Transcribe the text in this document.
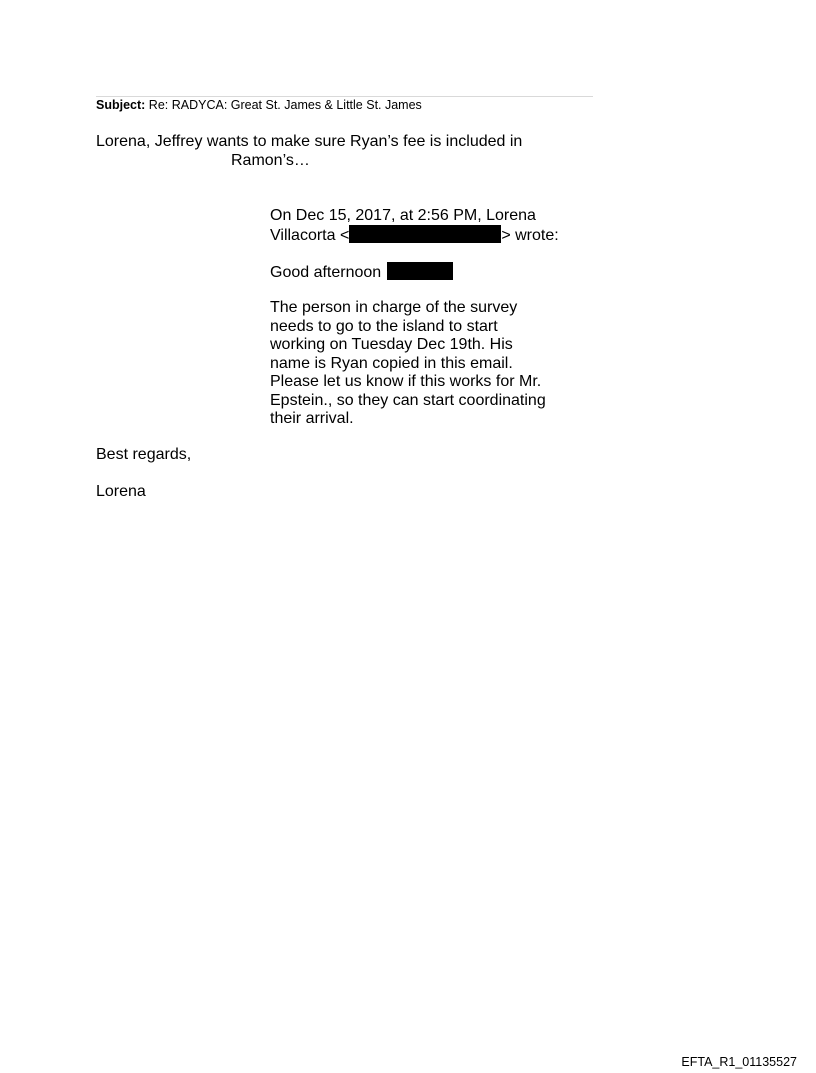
Subject: Re: RADYCA: Great St. James & Little St. James
Lorena, Jeffrey wants to make sure Ryan’s fee is included in
Ramon’s…
On Dec 15, 2017, at 2:56 PM, Lorena
Villacorta <	> wrote:
Good afternoon
The person in charge of the survey
needs to go to the island to start
working on Tuesday Dec 19th. His
name is Ryan copied in this email.
Please let us know if this works for Mr.
Epstein., so they can start coordinating
their arrival.
Best regards,
Lorena
EFTA_R1_01135527
